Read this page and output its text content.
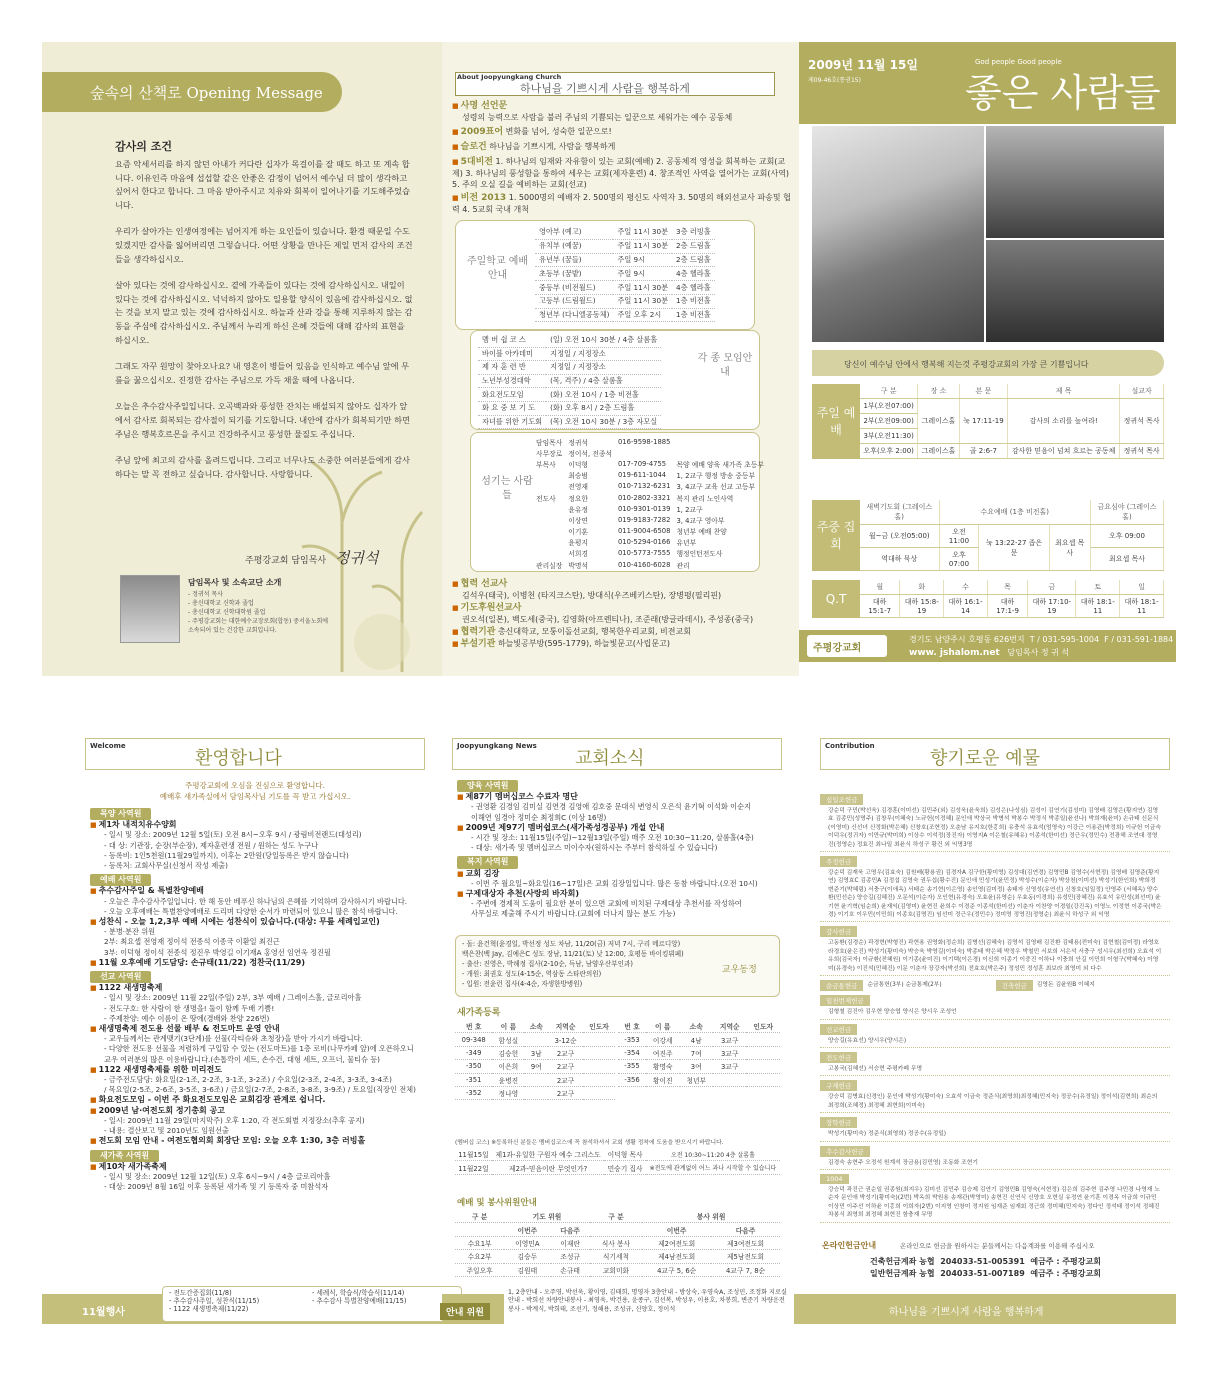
숲속의 산책로 Opening Message
감사의 조건

요즘 악세서리를 하지 않던 아내가 커다란 십자가 목걸이를 잘 때도 하고 또 계속 합니다. 이유인즉 마음에 섭섭할 같은 안좋은 감정이 넘어서 예수님 더 많이 생각하고 싶어서 한다고 합니다. 그 마음 받아주시고 치유와 회복이 일어나기를 기도해주었습니다.

우리가 살아가는 인생여정에는 넘어지게 하는 요인들이 있습니다. 환경 때문일 수도 있겠지만 감사를 잃어버리면 그렇습니다. 어떤 상황을 만나든 제일 먼저 감사의 조건들을 생각하십시오.

살아 있다는 것에 감사하십시오. 곁에 가족들이 있다는 것에 감사하십시오. 내일이 있다는 것에 감사하십시오. 넉넉하지 않아도 일용할 양식이 있음에 감사하십시오. 없는 것을 보지 말고 있는 것에 감사하십시오. 하늘과 산과 강을 통해 지루하지 않는 감동을 주심에 감사하십시오. 주님께서 누리게 하신 은혜 것들에 대해 감사의 표현을 하십시오.

그래도 자꾸 원망이 찾아오나요? 내 영혼이 병들어 있음을 인식하고 예수님 앞에 무릎을 꿇으십시오. 진정한 감사는 주님으로 가득 채울 때에 나옵니다.

오늘은 추수감사주일입니다. 오곡백과와 풍성한 잔치는 배설되지 않아도 십자가 앞에서 감사로 회복되는 감사절이 되기를 기도합니다. 내안에 감사가 회복되기만 하면 주님은 행복호르몬을 주시고 건강하주시고 풍성한 물질도 주십니다.

주님 앞에 최고의 감사를 올려드립니다. 그리고 너무나도 소중한 여러분들에게 감사하다는 말 꼭 전하고 싶습니다. 감사합니다. 사랑합니다.

주평강교회 담임목사 정귀석
담임목사 및 소속교단 소개
- 정귀석 목사
- 총신대학교 신학과 졸업
- 총신대학교 신학대학원 졸업
- 주평강교회는 대한예수교장로회(합동) 중서울노회에
소속되어 있는 건강한 교회입니다.
About Joopyungkang Church
하나님을 기쁘시게 사람을 행복하게
■ 사명 선언문
성령의 능력으로 사람을 불러 주님의 기쁨되는 일꾼으로 세워가는 예수 공동체
■ 2009표어 변화를 넘어, 성숙한 일꾼으로!
■ 슬로건 하나님을 기쁘시게, 사람을 행복하게
■ 5대비전 1. 하나님의 임재와 자유함이 있는 교회(예배) 2. 공동체적 영성을 회복하는 교회(교제) 3. 하나님의 풍성함을 통하여 세우는 교회(제자훈련) 4. 창조적인 사역을 열어가는 교회(사역) 5. 주의 오실 길을 예비하는 교회(선교)
■ 비전 2013 1. 5000명의 예배자 2. 500명의 평신도 사역자 3. 50명의 해외선교사 파송및 협력 4. 5교회 국내 개척
주일학교 예배안내
영아부 (예고)	주일 11시 30분	3층 러빙홀
유치부 (예꿈)	주일 11시 30분	2층 드림홀
유년부 (꿈들)	주일 9시	2층 드림홀
초등부 (꿈밭)	주일 9시	4층 헬라홀
중등부 (비전월드)	주일 11시 30분	4층 헬라홀
고등부 (드림월드)	주일 11시 30분	1층 비전홀
청년부 (다니엘공동체)	주일 오후 2시	1층 비전홀
멤 버 쉽 코 스	(일) 오전 10시 30분 / 4층 살롬홀
바이블 아카데미	지정일 / 지정장소
제 자 훈 련 반	지정일 / 지정장소
노년부성경대학	(목, 격주) / 4층 살롬홀
화요전도모임	(화) 오전 10시 / 1층 비전홀
화 요 중 보 기 도	(화) 오후 8시 / 2층 드림홀
자녀를 위한 기도회	(목) 오전 10시 30분 / 3층 자모실
각 종 모임안내
섬기는 사람들
담임목사	정귀석	016-9598-1885	
사무장로	정이석, 전종석		
부목사	이덕형	017-709-4755	목양 예배 양육 새가족 초등부
	최승범	019-611-1044	1, 2교구 행정 방송 중등부
	전영재	010-7132-6231	3, 4교구 교육 선교 고등부
전도사	정요한	010-2802-3321	복지 관리 노인사역
	윤유정	010-9301-0139	1, 2교구
	이상연	019-9183-7282	3, 4교구 영아부
	이기훈	011-9004-6508	청년부 예배 찬양
	윤평지	010-5294-0166	유년부
	서희경	010-5773-7555	행정인턴전도사
관리실장	박명석	010-4160-6028	관리
■ 협력 선교사
김석우(태국), 이병천 (타지크스탄), 방대식(우즈베키스탄), 장병평(필리핀)
■ 기도후원선교사
권오석(일본), 백도세(중국), 김영화(아프렌티나), 조준래(방글라데시), 주성종(중국)
■ 협력기관 총신대학교, 모퉁이돌선교회, 행복한우리교회, 비젼교회
■ 부설기관 하늘빛공부방(595-1779), 하늘빛문고(사립문고)
2009년 11월 15일
제09-46호(통권15)
God people Good people
좋은 사람들
당신이 예수님 안에서 행복해 지는것 주평강교회의 가장 큰 기쁨입니다
주일 예배	구 분	장 소	본 문	제 목	설교자
	1부(오전07:00)	그레이스홀	눅 17:11-19	감사의 소리를 높여라!	정귀석 목사
	2부(오전09:00)				
	3부(오전11:30)				
	오후(오후 2:00)	그레이스홀	골 2:6-7	감사한 믿음이 넘쳐 흐르는 공동체	정귀석 목사
주중 집회	새벽기도회 (그레이스홀)	수요예배 (1층 비전홀)			금요심야 (그레이스홀)
	월~금 (오전05:00)	오전11:00	눅 13:22-27 좁은 문	최요셉 목사	오후 09:00
	역대하 묵상	오후07:00			최요셉 목사
Q.T	월	화	수	목	금	토	일
	대하 15:1-7	대하 15:8-19	대하 16:1-14	대하 17:1-9	대하 17:10-19	대하 18:1-11	대하 18:1-11
주평강교회
경기도 남양주시 호평동 626번지 T / 031-595-1004 F / 031-591-1884
www. jshalom.net 담임목사 정 귀 석
Welcome
환영합니다
주평강교회에 오심을 진심으로 환영합니다.
예배후 새가족실에서 담임목사님 기도를 꼭 받고 가십시오.
목양 사역원
■ 제1차 내적치유수양회
- 일시 및 장소: 2009년 12월 5일(토) 오전 8시~오후 9시 / 광림비전랜드(대성리)
- 대 상: 기관장, 순장(부순장), 제자훈련생 전원 / 원하는 성도 누구나
- 등록비: 1인5천원(11월29일까지), 이후는 2만원(당일등록은 받지 않습니다)
- 등록처: 교회사무실(신청서 작성 제출)
예배 사역원
■ 추수감사주일 & 특별찬양예배
- 오늘은 추수감사주일입니다. 한 해 동안 베푸신 하나님의 은혜를 기억하며 감사하시기 바랍니다.
- 오늘 오후예배는 특별찬양예배로 드리며 다양한 순서가 마련되어 있으니 많은 참석 바랍니다.
■ 성찬식 - 오늘 1,2,3부 예배 시에는 성찬식이 있습니다.(대상: 무릎 세례입교인)
- 분병·분잔 위원
2부: 최요셉 전영재 정이석 전종석 이종국 이환일 최진근
3부: 이덕형 정이석 전종석 정진우 박영길 이기재A 홍영선 임연욱 정진필
■ 11월 오후예배 기도담당: 손규태(11/22) 정찬국(11/29)
선교 사역원
■ 1122 새생명축제
- 일시 및 장소: 2009년 11월 22일(주일) 2부, 3부 예배 / 그레이스홀, 글로리아홀
- 전도구호: 한 사람이 한 생명을! 둘이 함께 두배 기쁨!
- 주제찬양: 예수 이름이 온 땅에(경배와 찬양 226번)
■ 새생명축제 전도용 선물 배부 & 전도마트 운영 안내
- 교우들께서는 관계맺기(3단계)를 선물(각티슈와 초청장)을 받아 가시기 바랍니다.
- 다양한 전도용 선물을 저렴하게 구입할 수 있는 (전도마트)를 1층 로비(나무카페 앞)에 오픈하오니
교우 여러분의 많은 이용바랍니다.(손톱깍이 세트, 손수건, 대형 세트, 오프너, 물티슈 등)
■ 1122 새생명축제를 위한 미리전도
- 금주전도담당: 화요일(2-1조, 2-2조, 3-1조, 3-2조) / 수요일(2-3조, 2-4조, 3-3조, 3-4조)
/ 목요일(2-5조, 2-6조, 3-5조, 3-6조) / 금요일(2-7조, 2-8조, 3-8조, 3-9조) / 토요일(직장인 전체)
■ 화요전도모임 - 이번 주 화요전도모임은 교회김장 관계로 쉽니다.
■ 2009년 남·여전도회 정기총회 공고
- 일시: 2009년 11월 29일(마지막주) 오후 1:20, 각 전도회별 지정장소(추후 공지)
- 내용: 결산보고 및 2010년도 임원선출
■ 전도회 모임 안내 - 여전도협의회 회장단 모임: 오늘 오후 1:30, 3층 러빙홀
새가족 사역원
■ 제10차 새가족축제
- 일시 및 장소: 2009년 12월 12일(토) 오후 6시~9시 / 4층 글로리아홀
- 대상: 2009년 8월 16일 이후 등록된 새가족 및 기 등록자 중 미참석자
11월행사
- 전도간증집회(11/8)
- 추수감사주일, 성찬식(11/15)
- 1122 새생명축제(11/22)
- 세례식, 학습식/학습식(11/14)
- 추수감사 특별찬양예배(11/15)
Joopyungkang News
교회소식
양육 사역원
■ 제87기 멤버십코스 수료자 명단
- 권영환 김경임 김미실 김연경 김영애 김호중 문대식 변영식 오은석 윤기혁 이석화 이순지
이해연 임경아 정미순 최정희C (이상 16명)
■ 2009년 제97기 멤버쉽코스(새가족성경공부) 개설 안내
- 시간 및 장소: 11월15일(주일)~12월13일(주일) 매주 오전 10:30~11:20, 살롬홀(4층)
- 대상: 새가족 및 멤버십코스 미이수자(원하시는 주부터 참석하실 수 있습니다)
복지 사역원
■ 교회 김장
- 이번 주 월요일~화요일(16~17일)은 교회 김장일입니다. 많은 동참 바랍니다.(오전 10시)
■ 구제대상자 추천(사랑의 바자회)
- 주변에 경제적 도움이 필요한 분이 있으면 교회에 비치된 구제대상 추천서를 작성하여
사무실로 제출해 주시기 바랍니다.(교회에 더나지 않는 분도 가능)
- 돌: 윤건혁(윤경일, 박선정 성도 차남, 11/20(금) 저녁 7시, 구리 메르디앙)
백은찬(백 Jay, 김예은C 성도 장남, 11/21(토) 낮 12:00, 호평동 바이킹뷔페)
- 출산: 진영은, 박해정 집사(2-10순, 득남, 남양우산부인과)
- 개원: 최권호 성도(4-15순, 역삼동 스타란의원)
- 입원: 전윤런 집사(4-4순, 자생한방병원)
교우동정
새가족등록
번 호	이 름	소속	지역순	인도자
09-348	함성실		3-12순	
-349	김승헌	3남	2교구	
-350	이은희	9여	2교구	
-351	윤병진		2교구	
-352	정나영		2교구	
번 호	이 름	소속	지역순	인도자
-353	이강세	4남	3교구	
-354	여진주	7여	3교구	
-355	황명숙	3여	3교구	
-356	황이진	청년부		
(멤버십 코스) ※등록하신 분들은 멤버십코스에 꼭 참석하셔서 교회 생활 정착에 도움을 받으시기 바랍니다.
11월15일	제1과-유일한 구원자 예수 그리스도	이덕형 목사	오전 10:30~11:20 4층 살롬홀
11월22일	제2과-믿음이란 무엇인가?	민승기 집사	※전도에 관계없이 어느 과나 시작할 수 있습니다
예배 및 봉사위원안내
구 분	기도 위원		구 분	봉사 위원	
	이번주	다음주		이번주	다음주
수요1부	이영민A	이재란	식사 봉사	제2여전도회	제3여전도회
수요2부	김승두	조성규	식기세척	제4남전도회	제5남전도회
주일오후	김원태	손규태	교회미화	4교구 5, 6순	4교구 7, 8순
안내 위원
1, 2층안내 - 오주영, 박선욱, 황이영, 김태희, 명영자 3층안내 - 방상숙, 우영숙A, 조성민, 조정화 지로실안내 - 박희선 차량안내봉사 - 최영욱, 박건용, 윤종구, 김선복, 박성우, 이용호, 차봉희, 변준기 차량운전봉사 - 박계식, 박희태, 조선기, 정해용, 조성규, 신양호, 정이석
Contribution
향기로운 예물
십일조헌금
강순덕 구민(박선욱) 김경훈(이미선) 김민주(외) 김성욱(윤욱희) 김성은(나성심) 김성이 김연기(김성미) 김영배 김영은(황지연) 김영효 김종민(성명주) 김창무(이혜숙) 노규헌(이정혜) 문인애 박상국 박병석 박봉수 박정식 박종일(윤선나) 박희재(윤미) 손규태 신문식(이영미) 신선녀 신정화(박은혜) 신창호(조현정) 오춘남 유지호(한홍희) 유충석 유효석(엄영숙) 이강근 이용관(박정희) 이규헌 이금숙 이덕우(정귀자) 이만규(박미희) 이상수 이석정(장진자) 이영지A 이은철(유혜유) 이종석(한미선) 정근우(정민수) 전광해 조연대 정영진(정영순) 정효진 최나일 최윤식 하성구 황건 외 익명3명
주정헌금
강순덕 김재욱 고명우(김효숙) 김원배(황용권) 김경자A 김구한(황미영) 김성대(김연경) 김영민B 김영수(서현정) 김영배 김영준(황지연) 김영효C 김종민A 김정섭 김영숙 권두섭(황수진) 문인애 민성기(윤민정) 박성수(이순자) 박상천(이미선) 박성기(한인희) 박희정 변준기(박혜림) 서충구(이애옥) 서태순 송기현(이은영) 송인영(김미정) 송태자 신영성(유연선) 신창호(임일정) 안영주 (서혜옥) 양수환(민선순) 양승길(김혜진) 오문석(이순자) 오인현(유경숙) 오효윤(유영순) 우효동(이경희) 유성민(장혜진) 유효석 유민성(최선미) 윤기현 윤기혁(임순희) 윤재익(김영미) 윤현진 윤희수 이경준 이종석(한미선) 이춘자 이찬양 이경일(강진옥) 이영노 이정현 이종국(박은경) 이기호 이우민(이민희) 이종호(김명진) 임선미 정근우(정민수) 정미영 정영진(정영순) 최윤식 하성구 외 익명
감사헌금
고동환(김경순) 곽경현(박형진) 곽현용 권영화(정순희) 김병선(김혜숙) 김영석 김영배 김진환 김태용(전미숙) 김현철(김미정) 라영호 라경호(윤은진) 박성기(황미숙) 박승욱 박영길(이미숙) 박종태 박은혜 박정우 박철민 서보희 서은석 서충구 성시우(최선희) 오효석 이유희(김국자) 이규환(전혜원) 이기종(윤미진) 이기택(이은경) 이신희 이종기 이중진 이하나 이충희 안길 이민희 이형구(박혜숙) 이영미(유경숙) 이진석(민혜진) 이문 이춘자 장강자(박선희) 전효호(박은주) 정성민 정성훈 최보라 최영미 외 다수
순금통헌금	순금통헌(3부) 순금통제(2부)	건축헌금	김영돈 김윤원B 이혜지
일천번제헌금
김형철 김진아 김우현 양승엽 양시은 양시우 조성언
선교헌금
양승길(유효선) 양시우(양시은)
전도헌금
고봉국(김혜선) 서승현 주평카페 무명
구제헌금
강승덕 김병효(신경인) 문인애 박성기(황미숙) 오효석 이금숙 정준식(최영희)최정혜(민지숙) 정공수(유정일) 정이석(김현희) 최순의 최정희(조혜정) 최정혜 최현희(이미숙)
장학헌금
박성기(황미숙) 정준식(최영희) 정공수(유정일)
추수감사헌금
김경숙 송현주 오정석 원계석 장금용(김민영) 조동화 조현기
1004
강승덕 곽진근 권순일 권종원(최지우) 김미선 김민주 김승제 김연기 김영민B 김영숙(서현정) 김은희 김주현 김주영 나민경 나영재 노순자 문인애 박성기(황미숙)(2번) 박옥희 박원용 송재관(박영미) 송현진 신연식 신양호 오현실 유정연 윤기훈 이경옥 이금희 이규민 이상민 이주선 이하윤 이홍희 이희자(2번) 이지영 인창미 정지원 임재준 임재회 정근희 정미혜(민지숙) 정다인 정석태 정이석 정혜진 차봉식 최영희 최정혜 최현진 함충재 무명
온라인헌금안내	온라인으로 헌금을 원하시는 분들께서는 다음계좌를 이용해 주십시오
건축헌금계좌 농협 204033-51-005391 예금주 : 주평강교회
일반헌금계좌 농협 204033-51-007189 예금주 : 주평강교회
하나님을 기쁘시게 사람을 행복하게
